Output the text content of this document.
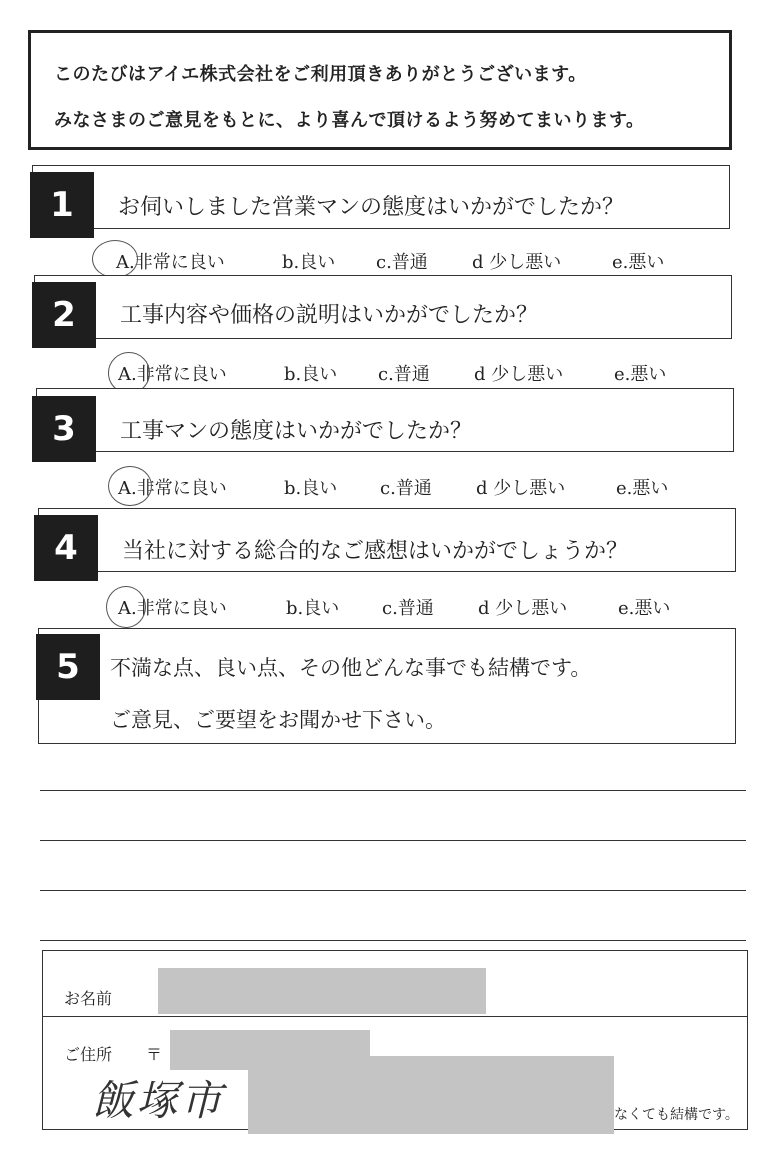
このたびはアイエ株式会社をご利用頂きありがとうございます。
みなさまのご意見をもとに、より喜んで頂けるよう努めてまいります。
1	お伺いしました営業マンの態度はいかがでしたか？
A.非常に良い	b.良い c.普通 d 少し悪い	e.悪い
2	工事内容や価格の説明はいかがでしたか？
A.非常に良い	b.良い c.普通 d 少し悪い	e.悪い
3	工事マンの態度はいかがでしたか？
A.非常に良い	b.良い c.普通 d 少し悪い	e.悪い
4	当社に対する総合的なご感想はいかがでしょうか？
A.非常に良い	b.良い c.普通 d 少し悪い	e.悪い
5	不満な点、良い点、その他どんな事でも結構です。
ご意見、ご要望をお聞かせ下さい。
お名前
ご住所 〒
飯塚市	なくても結構です。
